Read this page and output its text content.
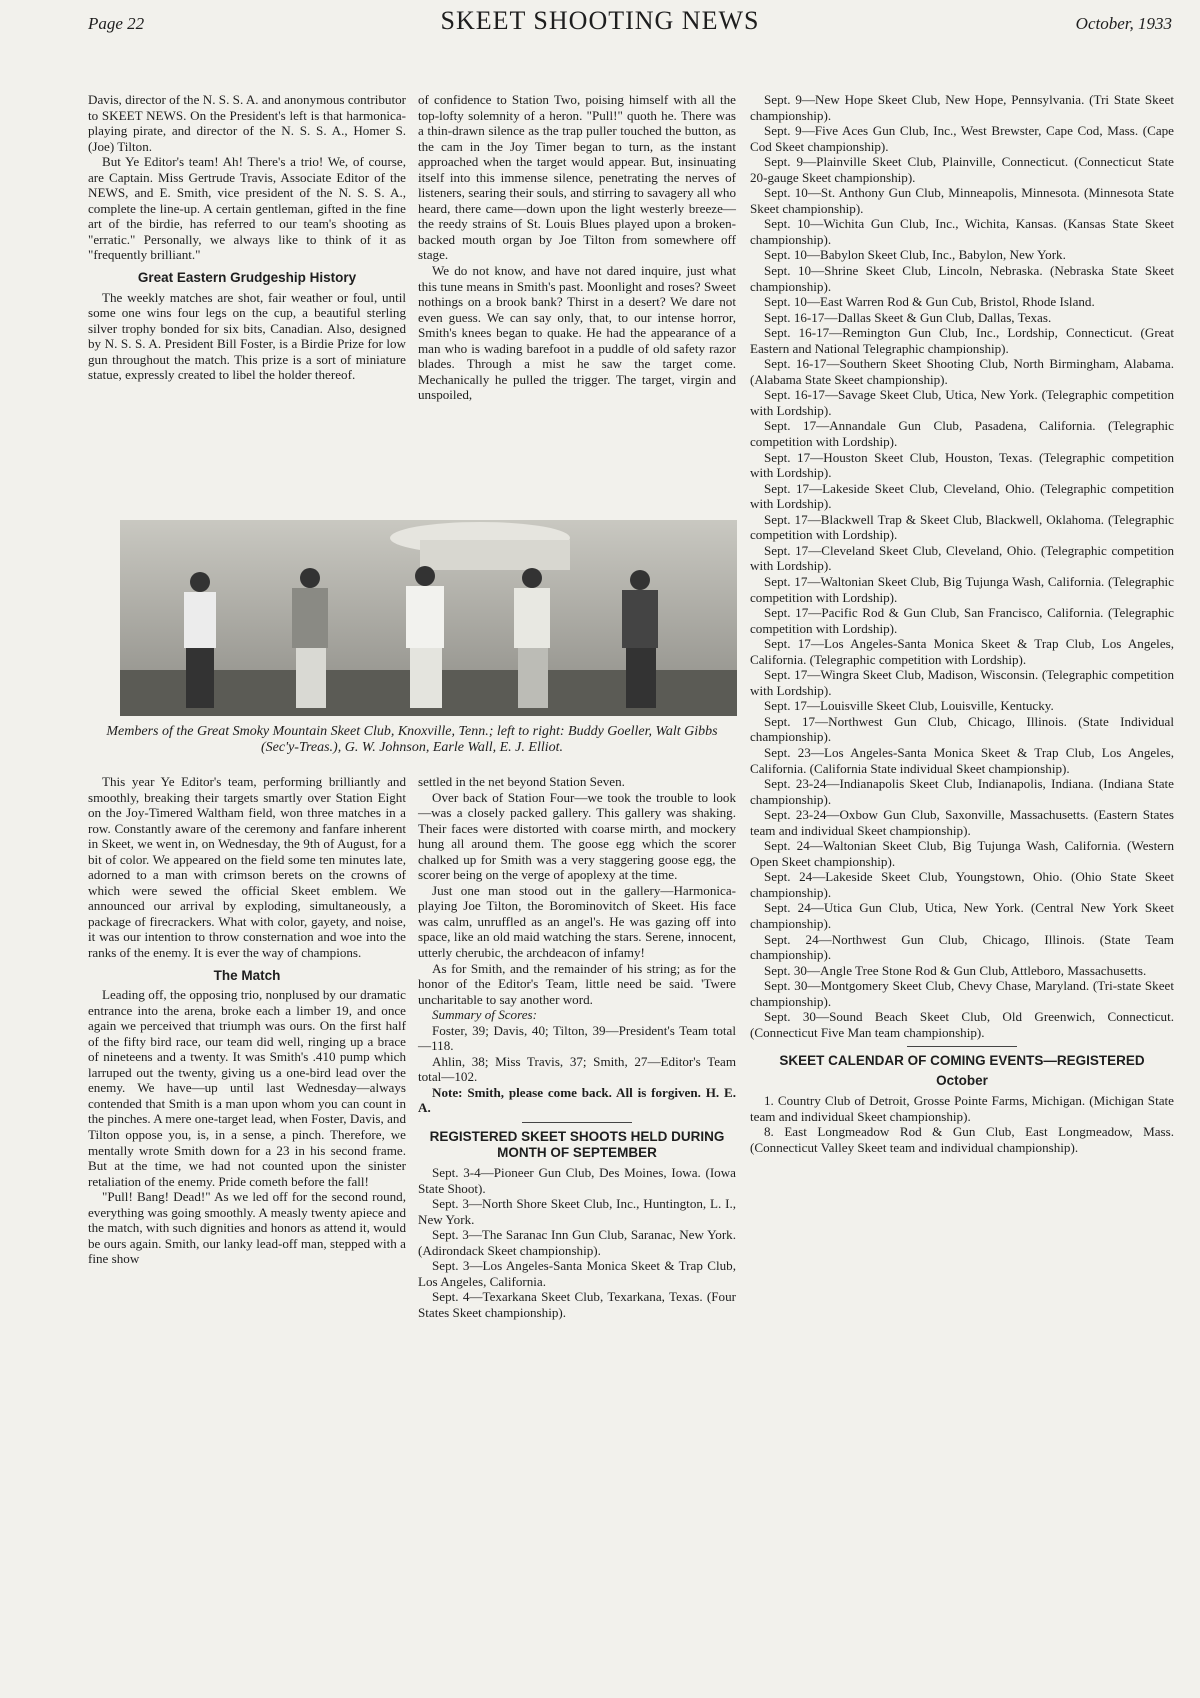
Page 22	SKEET SHOOTING NEWS	October, 1933

Davis, director of the N. S. S. A. and anonymous contributor to SKEET NEWS. On the President's left is that harmonica-playing pirate, and director of the N. S. S. A., Homer S. (Joe) Tilton.

But Ye Editor's team! Ah! There's a trio! We, of course, are Captain. Miss Gertrude Travis, Associate Editor of the NEWS, and E. Smith, vice president of the N. S. S. A., complete the line-up. A certain gentleman, gifted in the fine art of the birdie, has referred to our team's shooting as "erratic." Personally, we always like to think of it as "frequently brilliant."

Great Eastern Grudgeship History

The weekly matches are shot, fair weather or foul, until some one wins four legs on the cup, a beautiful sterling silver trophy bonded for six bits, Canadian. Also, designed by N. S. S. A. President Bill Foster, is a Birdie Prize for low gun throughout the match. This prize is a sort of miniature statue, expressly created to libel the holder thereof.

of confidence to Station Two, poising himself with all the top-lofty solemnity of a heron. "Pull!" quoth he. There was a thin-drawn silence as the trap puller touched the button, as the cam in the Joy Timer began to turn, as the instant approached when the target would appear. But, insinuating itself into this immense silence, penetrating the nerves of listeners, searing their souls, and stirring to savagery all who heard, there came—down upon the light westerly breeze—the reedy strains of St. Louis Blues played upon a broken-backed mouth organ by Joe Tilton from somewhere off stage.

We do not know, and have not dared inquire, just what this tune means in Smith's past. Moonlight and roses? Sweet nothings on a brook bank? Thirst in a desert? We dare not even guess. We can say only, that, to our intense horror, Smith's knees began to quake. He had the appearance of a man who is wading barefoot in a puddle of old safety razor blades. Through a mist he saw the target come. Mechanically he pulled the trigger. The target, virgin and unspoiled,

Members of the Great Smoky Mountain Skeet Club, Knoxville, Tenn.; left to right: Buddy Goeller, Walt Gibbs (Sec'y-Treas.), G. W. Johnson, Earle Wall, E. J. Elliot.

This year Ye Editor's team, performing brilliantly and smoothly, breaking their targets smartly over Station Eight on the Joy-Timered Waltham field, won three matches in a row. Constantly aware of the ceremony and fanfare inherent in Skeet, we went in, on Wednesday, the 9th of August, for a bit of color. We appeared on the field some ten minutes late, adorned to a man with crimson berets on the crowns of which were sewed the official Skeet emblem. We announced our arrival by exploding, simultaneously, a package of firecrackers. What with color, gayety, and noise, it was our intention to throw consternation and woe into the ranks of the enemy. It is ever the way of champions.

The Match

Leading off, the opposing trio, nonplused by our dramatic entrance into the arena, broke each a limber 19, and once again we perceived that triumph was ours. On the first half of the fifty bird race, our team did well, ringing up a brace of nineteens and a twenty. It was Smith's .410 pump which larruped out the twenty, giving us a one-bird lead over the enemy. We have—up until last Wednesday—always contended that Smith is a man upon whom you can count in the pinches. A mere one-target lead, when Foster, Davis, and Tilton oppose you, is, in a sense, a pinch. Therefore, we mentally wrote Smith down for a 23 in his second frame. But at the time, we had not counted upon the sinister retaliation of the enemy. Pride cometh before the fall!

"Pull! Bang! Dead!" As we led off for the second round, everything was going smoothly. A measly twenty apiece and the match, with such dignities and honors as attend it, would be ours again. Smith, our lanky lead-off man, stepped with a fine show

settled in the net beyond Station Seven.

Over back of Station Four—we took the trouble to look—was a closely packed gallery. This gallery was shaking. Their faces were distorted with coarse mirth, and mockery hung all around them. The goose egg which the scorer chalked up for Smith was a very staggering goose egg, the scorer being on the verge of apoplexy at the time.

Just one man stood out in the gallery—Harmonica-playing Joe Tilton, the Borominovitch of Skeet. His face was calm, unruffled as an angel's. He was gazing off into space, like an old maid watching the stars. Serene, innocent, utterly cherubic, the archdeacon of infamy!

As for Smith, and the remainder of his string; as for the honor of the Editor's Team, little need be said. 'Twere uncharitable to say another word.

Summary of Scores:

Foster, 39; Davis, 40; Tilton, 39—President's Team total—118.

Ahlin, 38; Miss Travis, 37; Smith, 27—Editor's Team total—102.

Note: Smith, please come back. All is forgiven. H. E. A.

REGISTERED SKEET SHOOTS HELD DURING MONTH OF SEPTEMBER

Sept. 3-4—Pioneer Gun Club, Des Moines, Iowa. (Iowa State Shoot).

Sept. 3—North Shore Skeet Club, Inc., Huntington, L. I., New York.

Sept. 3—The Saranac Inn Gun Club, Saranac, New York. (Adirondack Skeet championship).

Sept. 3—Los Angeles-Santa Monica Skeet & Trap Club, Los Angeles, California.

Sept. 4—Texarkana Skeet Club, Texarkana, Texas. (Four States Skeet championship).

Sept. 9—New Hope Skeet Club, New Hope, Pennsylvania. (Tri State Skeet championship).

Sept. 9—Five Aces Gun Club, Inc., West Brewster, Cape Cod, Mass. (Cape Cod Skeet championship).

Sept. 9—Plainville Skeet Club, Plainville, Connecticut. (Connecticut State 20-gauge Skeet championship).

Sept. 10—St. Anthony Gun Club, Minneapolis, Minnesota. (Minnesota State Skeet championship).

Sept. 10—Wichita Gun Club, Inc., Wichita, Kansas. (Kansas State Skeet championship).

Sept. 10—Babylon Skeet Club, Inc., Babylon, New York.

Sept. 10—Shrine Skeet Club, Lincoln, Nebraska. (Nebraska State Skeet championship).

Sept. 10—East Warren Rod & Gun Cub, Bristol, Rhode Island.

Sept. 16-17—Dallas Skeet & Gun Club, Dallas, Texas.

Sept. 16-17—Remington Gun Club, Inc., Lordship, Connecticut. (Great Eastern and National Telegraphic championship).

Sept. 16-17—Southern Skeet Shooting Club, North Birmingham, Alabama. (Alabama State Skeet championship).

Sept. 16-17—Savage Skeet Club, Utica, New York. (Telegraphic competition with Lordship).

Sept. 17—Annandale Gun Club, Pasadena, California. (Telegraphic competition with Lordship).

Sept. 17—Houston Skeet Club, Houston, Texas. (Telegraphic competition with Lordship).

Sept. 17—Lakeside Skeet Club, Cleveland, Ohio. (Telegraphic competition with Lordship).

Sept. 17—Blackwell Trap & Skeet Club, Blackwell, Oklahoma. (Telegraphic competition with Lordship).

Sept. 17—Cleveland Skeet Club, Cleveland, Ohio. (Telegraphic competition with Lordship).

Sept. 17—Waltonian Skeet Club, Big Tujunga Wash, California. (Telegraphic competition with Lordship).

Sept. 17—Pacific Rod & Gun Club, San Francisco, California. (Telegraphic competition with Lordship).

Sept. 17—Los Angeles-Santa Monica Skeet & Trap Club, Los Angeles, California. (Telegraphic competition with Lordship).

Sept. 17—Wingra Skeet Club, Madison, Wisconsin. (Telegraphic competition with Lordship).

Sept. 17—Louisville Skeet Club, Louisville, Kentucky.

Sept. 17—Northwest Gun Club, Chicago, Illinois. (State Individual championship).

Sept. 23—Los Angeles-Santa Monica Skeet & Trap Club, Los Angeles, California. (California State individual Skeet championship).

Sept. 23-24—Indianapolis Skeet Club, Indianapolis, Indiana. (Indiana State championship).

Sept. 23-24—Oxbow Gun Club, Saxonville, Massachusetts. (Eastern States team and individual Skeet championship).

Sept. 24—Waltonian Skeet Club, Big Tujunga Wash, California. (Western Open Skeet championship).

Sept. 24—Lakeside Skeet Club, Youngstown, Ohio. (Ohio State Skeet championship).

Sept. 24—Utica Gun Club, Utica, New York. (Central New York Skeet championship).

Sept. 24—Northwest Gun Club, Chicago, Illinois. (State Team championship).

Sept. 30—Angle Tree Stone Rod & Gun Club, Attleboro, Massachusetts.

Sept. 30—Montgomery Skeet Club, Chevy Chase, Maryland. (Tri-state Skeet championship).

Sept. 30—Sound Beach Skeet Club, Old Greenwich, Connecticut. (Connecticut Five Man team championship).

SKEET CALENDAR OF COMING EVENTS—REGISTERED
October

1. Country Club of Detroit, Grosse Pointe Farms, Michigan. (Michigan State team and individual Skeet championship).

8. East Longmeadow Rod & Gun Club, East Longmeadow, Mass. (Connecticut Valley Skeet team and individual championship).
